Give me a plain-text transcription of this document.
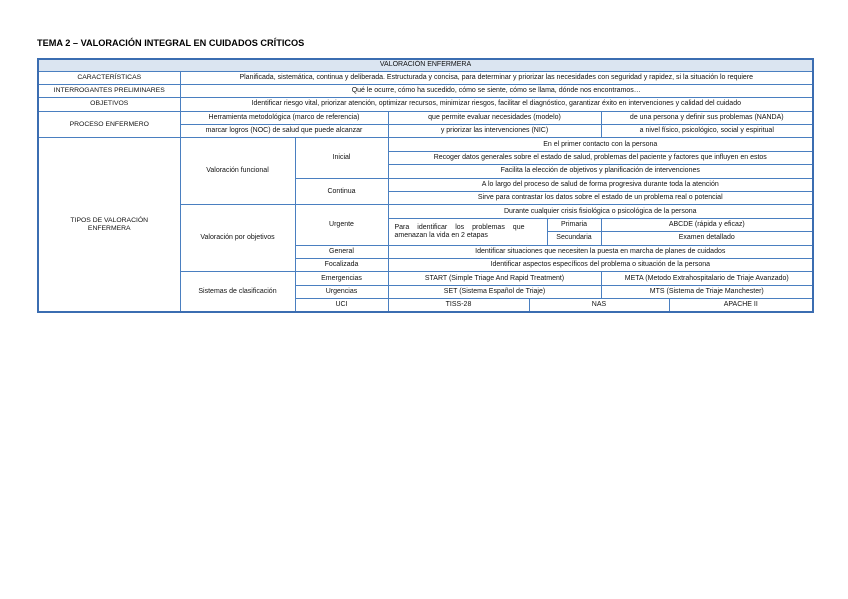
TEMA 2 – VALORACIÓN INTEGRAL EN CUIDADOS CRÍTICOS
VALORACIÓN ENFERMERA							
CARACTERÍSTICAS	Planificada, sistemática, continua y deliberada. Estructurada y concisa, para determinar y priorizar las necesidades con seguridad y rapidez, si la situación lo requiere						
INTERROGANTES PRELIMINARES	Qué le ocurre, cómo ha sucedido, cómo se siente, cómo se llama, dónde nos encontramos…						
OBJETIVOS	Identificar riesgo vital, priorizar atención, optimizar recursos, minimizar riesgos, facilitar el diagnóstico, garantizar éxito en intervenciones y calidad del cuidado						
PROCESO ENFERMERO	Herramienta metodológica (marco de referencia)		que permite evaluar necesidades (modelo)			de una persona y definir sus problemas (NANDA)	
	marcar logros (NOC) de salud que puede alcanzar		y priorizar las intervenciones (NIC)			a nivel físico, psicológico, social y espiritual	
TIPOS DE VALORACIÓN ENFERMERA	Valoración funcional	Inicial	En el primer contacto con la persona				
			Recoger datos generales sobre el estado de salud, problemas del paciente y factores que influyen en estos				
			Facilita la elección de objetivos y planificación de intervenciones				
		Continua	A lo largo del proceso de salud de forma progresiva durante toda la atención				
			Sirve para contrastar los datos sobre el estado de un problema real o potencial				
	Valoración por objetivos	Urgente	Durante cualquier crisis fisiológica o psicológica de la persona				
			Para identificar los problemas que amenazan la vida en 2 etapas		Primaria	ABCDE (rápida y eficaz)	
					Secundaria	Examen detallado	
		General	Identificar situaciones que necesiten la puesta en marcha de planes de cuidados				
		Focalizada	Identificar aspectos específicos del problema o situación de la persona				
	Sistemas de clasificación	Emergencias	START (Simple Triage And Rapid Treatment)			META (Metodo Extrahospitalario de Triaje Avanzado)	
		Urgencias	SET (Sistema Español de Triaje)			MTS (Sistema de Triaje Manchester)	
		UCI	TISS-28	NAS			APACHE II
